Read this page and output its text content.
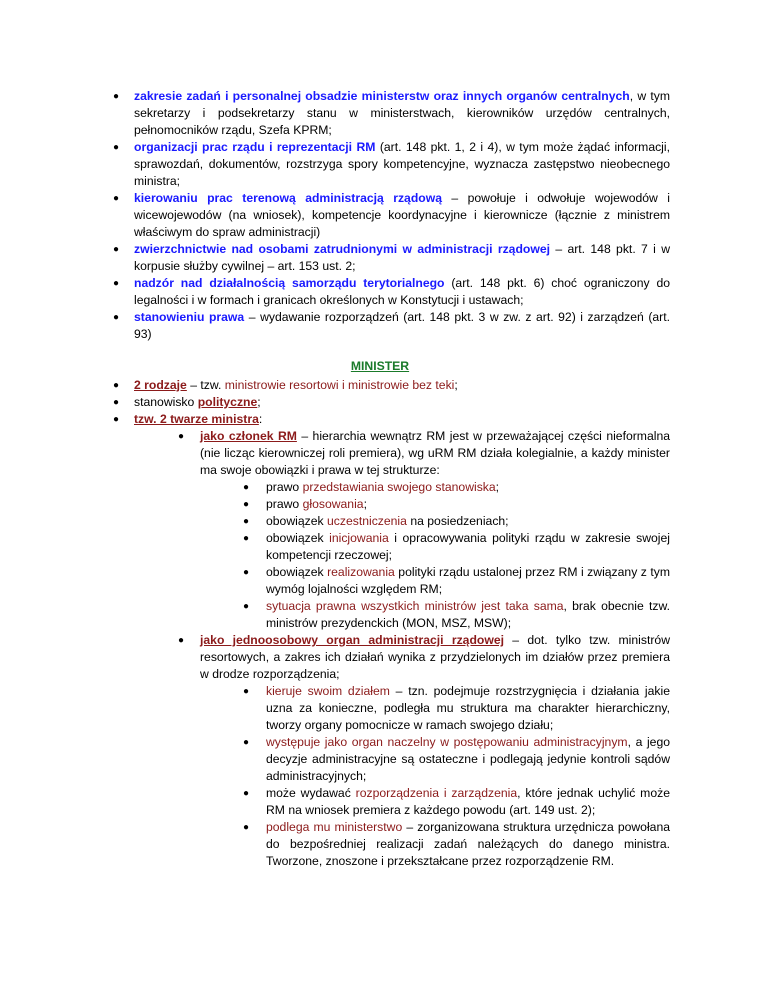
● zakresie zadań i personalnej obsadzie ministerstw oraz innych organów centralnych, w tym sekretarzy i podsekretarzy stanu w ministerstwach, kierowników urzędów centralnych, pełnomocników rządu, Szefa KPRM;
● organizacji prac rządu i reprezentacji RM (art. 148 pkt. 1, 2 i 4), w tym może żądać informacji, sprawozdań, dokumentów, rozstrzyga spory kompetencyjne, wyznacza zastępstwo nieobecnego ministra;
● kierowaniu prac terenową administracją rządową – powołuje i odwołuje wojewodów i wicewojewodów (na wniosek), kompetencje koordynacyjne i kierownicze (łącznie z ministrem właściwym do spraw administracji)
● zwierzchnictwie nad osobami zatrudnionymi w administracji rządowej – art. 148 pkt. 7 i w korpusie służby cywilnej – art. 153 ust. 2;
● nadzór nad działalnością samorządu terytorialnego (art. 148 pkt. 6) choć ograniczony do legalności i w formach i granicach określonych w Konstytucji i ustawach;
● stanowieniu prawa – wydawanie rozporządzeń (art. 148 pkt. 3 w zw. z art. 92) i zarządzeń (art. 93)
MINISTER
● 2 rodzaje – tzw. ministrowie resortowi i ministrowie bez teki;
● stanowisko polityczne;
● tzw. 2 twarze ministra:
● jako członek RM – hierarchia wewnątrz RM jest w przeważającej części nieformalna (nie licząc kierowniczej roli premiera), wg uRM RM działa kolegialnie, a każdy minister ma swoje obowiązki i prawa w tej strukturze:
● prawo przedstawiania swojego stanowiska;
● prawo głosowania;
● obowiązek uczestniczenia na posiedzeniach;
● obowiązek inicjowania i opracowywania polityki rządu w zakresie swojej kompetencji rzeczowej;
● obowiązek realizowania polityki rządu ustalonej przez RM i związany z tym wymóg lojalności względem RM;
● sytuacja prawna wszystkich ministrów jest taka sama, brak obecnie tzw. ministrów prezydenckich (MON, MSZ, MSW);
● jako jednoosobowy organ administracji rządowej – dot. tylko tzw. ministrów resortowych, a zakres ich działań wynika z przydzielonych im działów przez premiera w drodze rozporządzenia;
● kieruje swoim działem – tzn. podejmuje rozstrzygnięcia i działania jakie uzna za konieczne, podległa mu struktura ma charakter hierarchiczny, tworzy organy pomocnicze w ramach swojego działu;
● występuje jako organ naczelny w postępowaniu administracyjnym, a jego decyzje administracyjne są ostateczne i podlegają jedynie kontroli sądów administracyjnych;
● może wydawać rozporządzenia i zarządzenia, które jednak uchylić może RM na wniosek premiera z każdego powodu (art. 149 ust. 2);
● podlega mu ministerstwo – zorganizowana struktura urzędnicza powołana do bezpośredniej realizacji zadań należących do danego ministra. Tworzone, znoszone i przekształcane przez rozporządzenie RM.
